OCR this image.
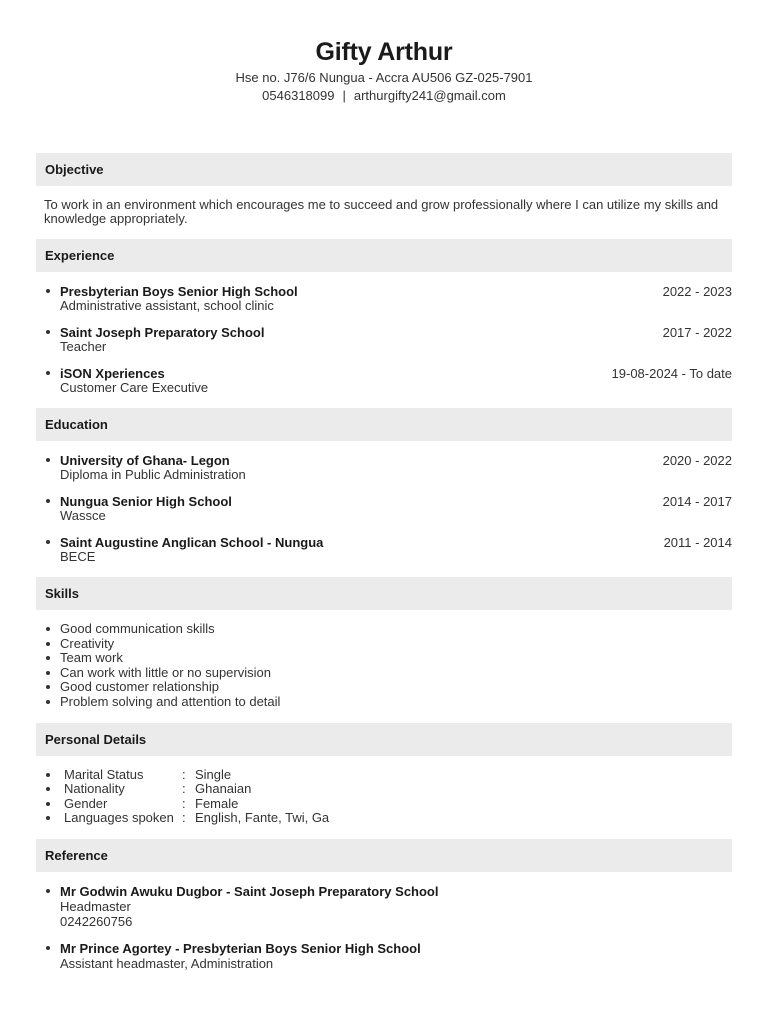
Gifty Arthur

Hse no. J76/6 Nungua - Accra AU506 GZ-025-7901

0546318099 | arthurgifty241@gmail.com

Objective

To work in an environment which encourages me to succeed and grow professionally where I can utilize my skills and knowledge appropriately.

Experience
Presbyterian Boys Senior High School	2022 - 2023
Administrative assistant, school clinic
Saint Joseph Preparatory School	2017 - 2022
Teacher
iSON Xperiences	19-08-2024 - To date
Customer Care Executive
Education
University of Ghana- Legon	2020 - 2022
Diploma in Public Administration
Nungua Senior High School	2014 - 2017
Wassce
Saint Augustine Anglican School - Nungua	2011 - 2014
BECE
Skills
Good communication skills
Creativity
Team work
Can work with little or no supervision
Good customer relationship
Problem solving and attention to detail
Personal Details
Marital Status	: Single
Nationality	: Ghanaian
Gender	: Female
Languages spoken : English, Fante, Twi, Ga
Reference
Mr Godwin Awuku Dugbor - Saint Joseph Preparatory School
Headmaster
0242260756
Mr Prince Agortey - Presbyterian Boys Senior High School
Assistant headmaster, Administration
